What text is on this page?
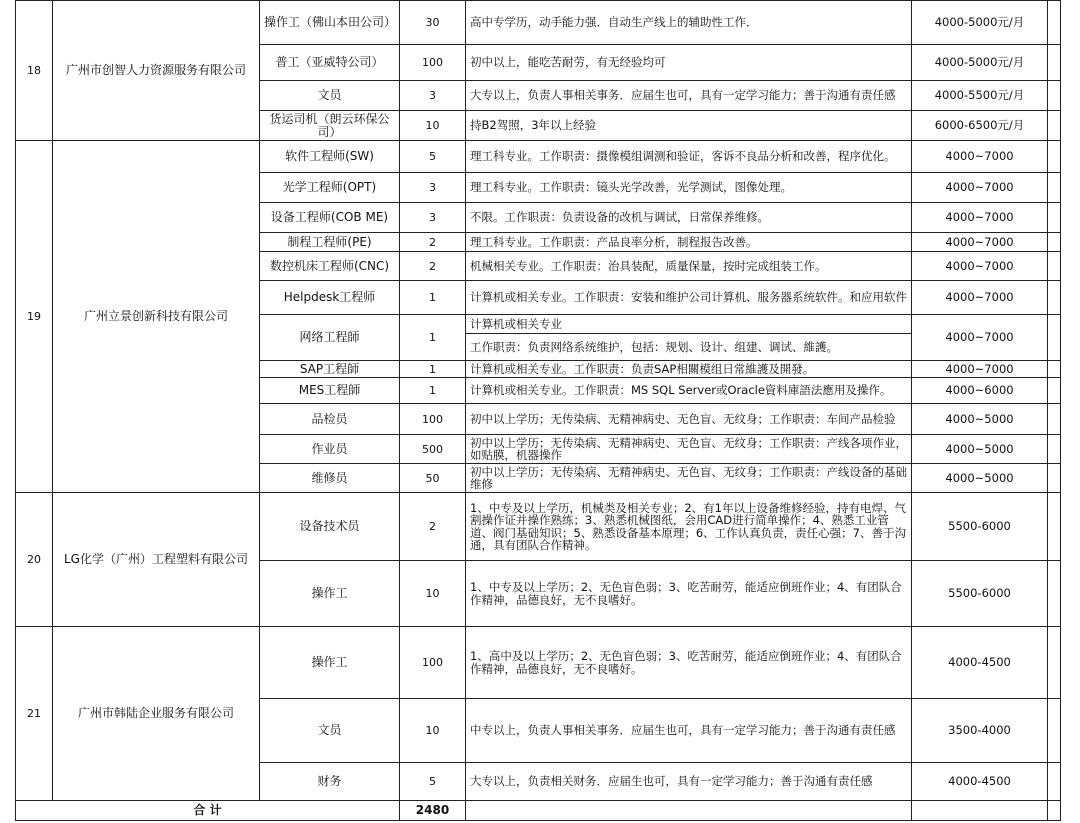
18	广州市创智人力资源服务有限公司	操作工（佛山本田公司）	30	高中专学历，动手能力强．自动生产线上的辅助性工作．	4000-5000元/月	
		普工（亚威特公司）	100	初中以上，能吃苦耐劳，有无经验均可	4000-5000元/月	
		文员	3	大专以上，负责人事相关事务．应届生也可，具有一定学习能力；善于沟通有责任感	4000-5500元/月	
		货运司机（朗云环保公司）	10	持B2驾照，3年以上经验	6000-6500元/月	
19	广州立景创新科技有限公司	软件工程师(SW)	5	理工科专业。工作职责：摄像模组调测和验证，客诉不良品分析和改善，程序优化。	4000~7000	
		光学工程师(OPT)	3	理工科专业。工作职责：镜头光学改善，光学测试，图像处理。	4000~7000	
		设备工程师(COB ME)	3	不限。工作职责：负责设备的改机与调试，日常保养维修。	4000~7000	
		制程工程师(PE)	2	理工科专业。工作职责：产品良率分析，制程报告改善。	4000~7000	
		数控机床工程师(CNC)	2	机械相关专业。工作职责：治具装配，质量保量，按时完成组装工作。	4000~7000	
		Helpdesk工程师	1	计算机或相关专业。工作职责：安装和维护公司计算机、服务器系统软件。和应用软件	4000~7000	
		网络工程師	1	计算机或相关专业	4000~7000	
				工作职责：负责网络系统维护，包括：规划、设计、组建、调试、維護。		
		SAP工程師	1	计算机或相关专业。工作职责：负责SAP相關模组日常維護及開發。	4000~7000	
		MES工程師	1	计算机或相关专业。工作职责：MS SQL Server或Oracle資料庫語法應用及操作。	4000~6000	
		品检员	100	初中以上学历；无传染病、无精神病史、无色盲、无纹身；工作职责：车间产品检验	4000~5000	
		作业员	500	初中以上学历；无传染病、无精神病史、无色盲、无纹身；工作职责：产线各项作业，如贴膜，机器操作	4000~5000	
		维修员	50	初中以上学历；无传染病、无精神病史、无色盲、无纹身；工作职责：产线设备的基础维修	4000~5000	
20	LG化学（广州）工程塑料有限公司	设备技术员	2	1、中专及以上学历，机械类及相关专业；2、有1年以上设备维修经验，持有电焊、气割操作证并操作熟练；3、熟悉机械图纸，会用CAD进行简单操作；4、熟悉工业管道、阀门基础知识；5、熟悉设备基本原理；6、工作认真负责，责任心强；7、善于沟通，具有团队合作精神。	5500-6000	
		操作工	10	1、中专及以上学历；2、无色盲色弱；3、吃苦耐劳，能适应倒班作业；4、有团队合作精神，品德良好，无不良嗜好。	5500-6000	
21	广州市韩陆企业服务有限公司	操作工	100	1、高中及以上学历；2、无色盲色弱；3、吃苦耐劳，能适应倒班作业；4、有团队合作精神，品德良好，无不良嗜好。	4000-4500	
		文员	10	中专以上，负责人事相关事务．应届生也可，具有一定学习能力；善于沟通有责任感	3500-4000	
		财务	5	大专以上，负责相关财务．应届生也可，具有一定学习能力；善于沟通有责任感	4000-4500	
合 计			2480			
